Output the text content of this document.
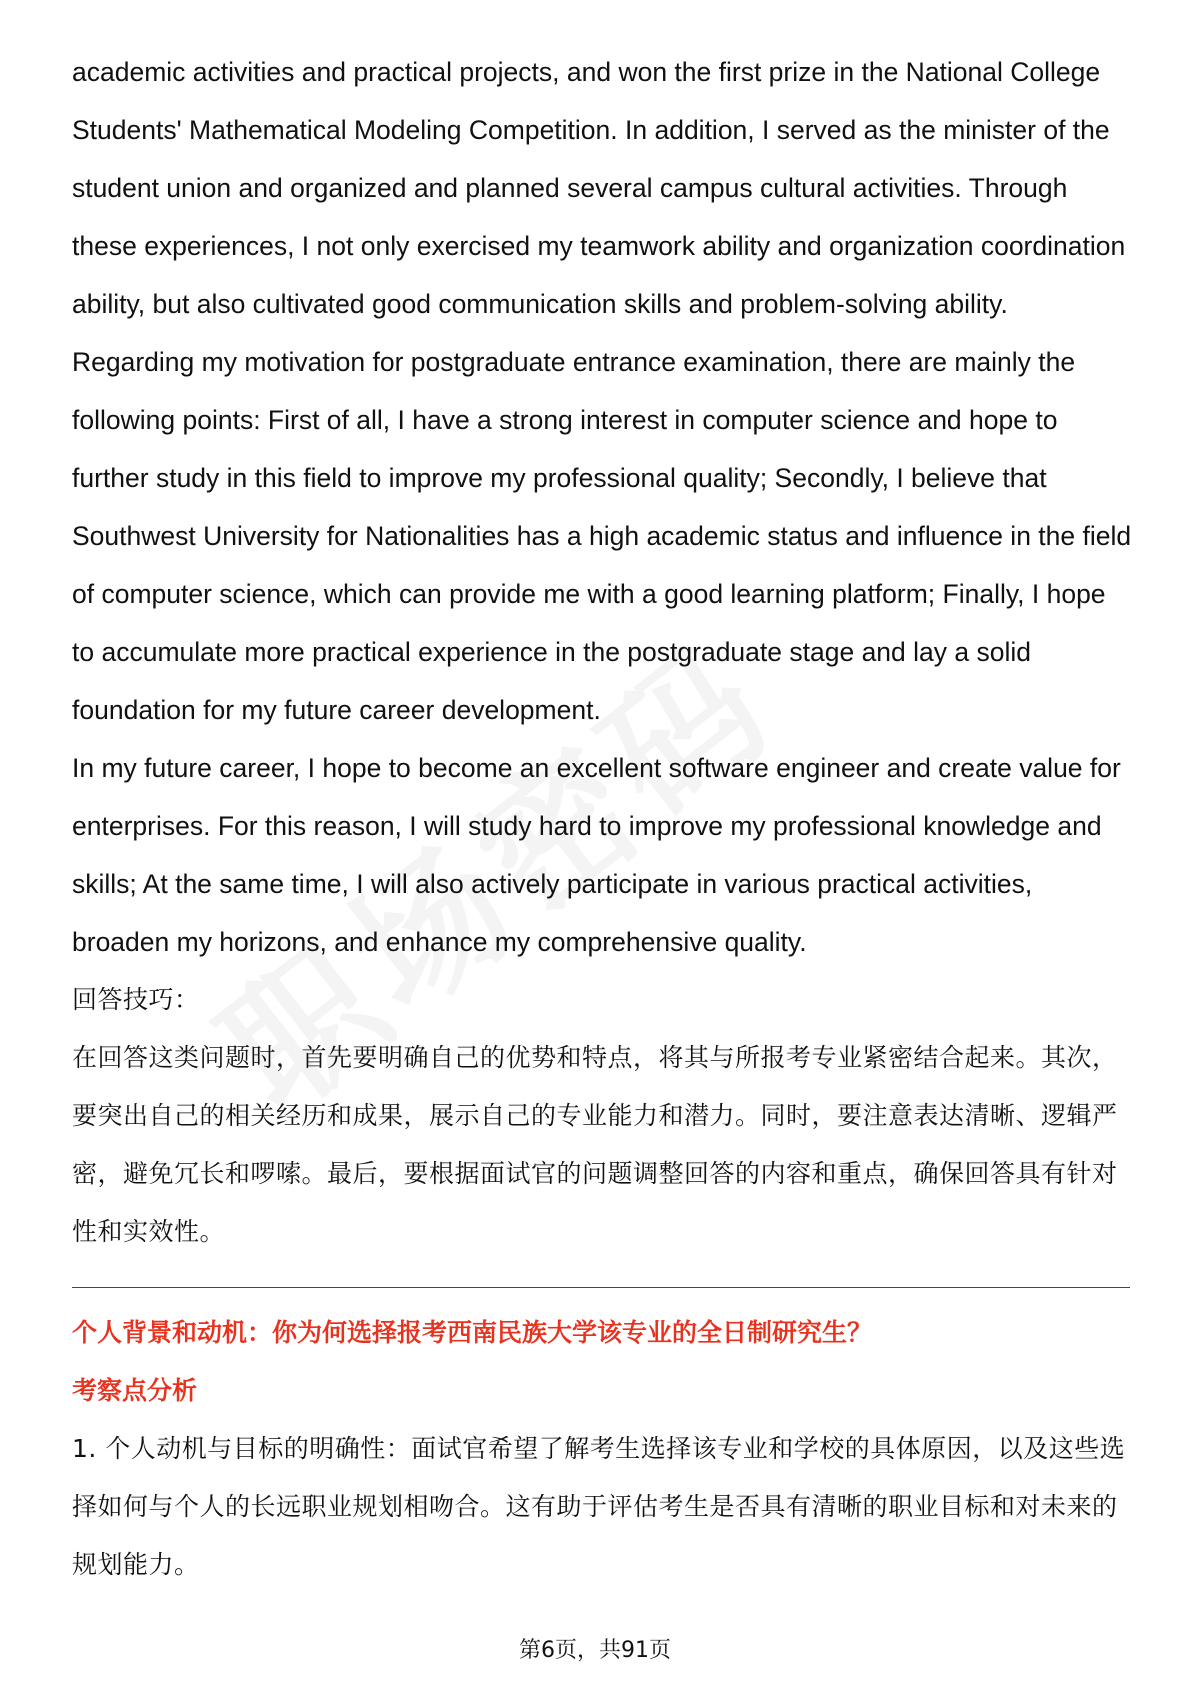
academic activities and practical projects, and won the first prize in the National College Students' Mathematical Modeling Competition. In addition, I served as the minister of the student union and organized and planned several campus cultural activities. Through these experiences, I not only exercised my teamwork ability and organization coordination ability, but also cultivated good communication skills and problem-solving ability.

Regarding my motivation for postgraduate entrance examination, there are mainly the following points: First of all, I have a strong interest in computer science and hope to further study in this field to improve my professional quality; Secondly, I believe that Southwest University for Nationalities has a high academic status and influence in the field of computer science, which can provide me with a good learning platform; Finally, I hope to accumulate more practical experience in the postgraduate stage and lay a solid foundation for my future career development.

In my future career, I hope to become an excellent software engineer and create value for enterprises. For this reason, I will study hard to improve my professional knowledge and skills; At the same time, I will also actively participate in various practical activities, broaden my horizons, and enhance my comprehensive quality.

回答技巧：

在回答这类问题时，首先要明确自己的优势和特点，将其与所报考专业紧密结合起来。其次，要突出自己的相关经历和成果，展示自己的专业能力和潜力。同时，要注意表达清晰、逻辑严密，避免冗长和啰嗦。最后，要根据面试官的问题调整回答的内容和重点，确保回答具有针对性和实效性。

个人背景和动机：你为何选择报考西南民族大学该专业的全日制研究生？

考察点分析

1. 个人动机与目标的明确性：面试官希望了解考生选择该专业和学校的具体原因，以及这些选择如何与个人的长远职业规划相吻合。这有助于评估考生是否具有清晰的职业目标和对未来的规划能力。

第6页，共91页
